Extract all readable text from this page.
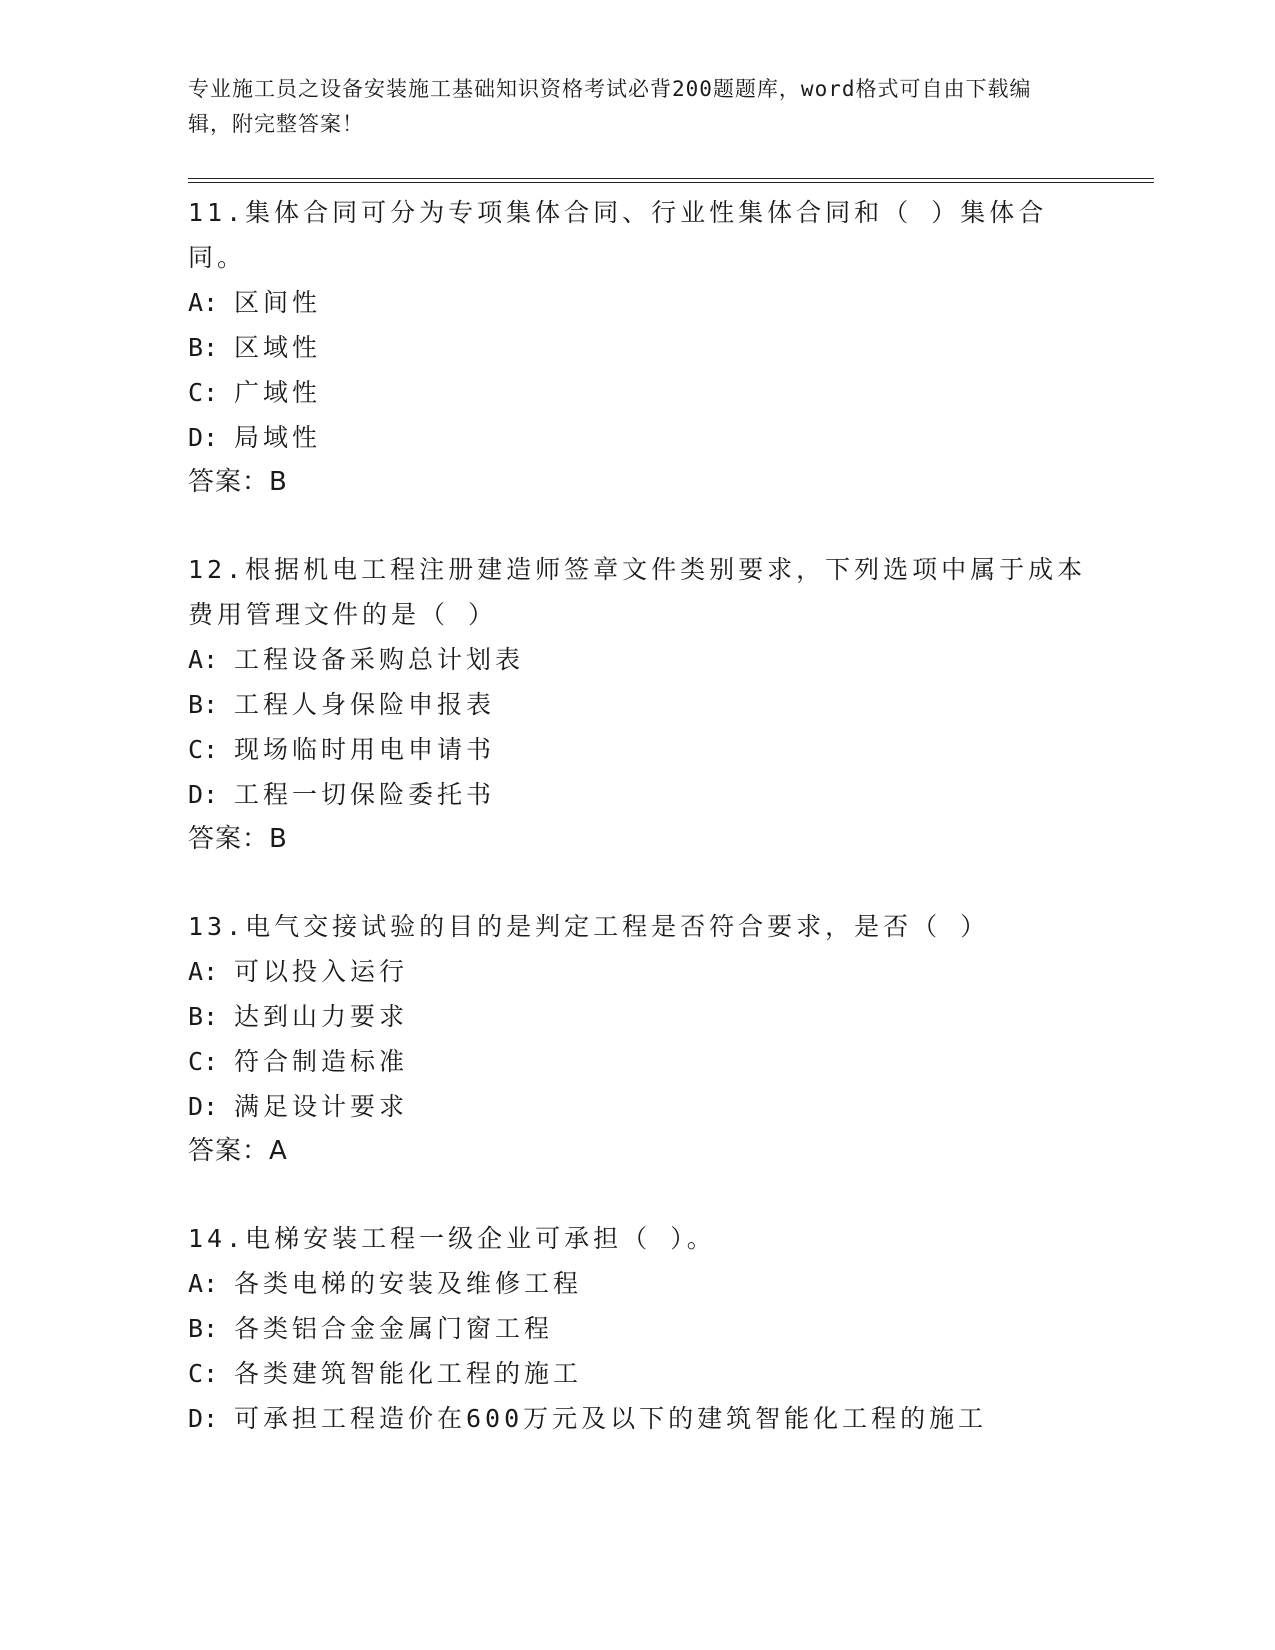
专业施工员之设备安装施工基础知识资格考试必背200题题库，word格式可自由下载编辑，附完整答案！

11.集体合同可分为专项集体合同、行业性集体合同和（ ）集体合同。

A: 区间性

B: 区域性

C: 广域性

D: 局域性

答案：B

12.根据机电工程注册建造师签章文件类别要求，下列选项中属于成本费用管理文件的是（ ）

A: 工程设备采购总计划表

B: 工程人身保险申报表

C: 现场临时用电申请书

D: 工程一切保险委托书

答案：B

13.电气交接试验的目的是判定工程是否符合要求，是否（ ）

A: 可以投入运行

B: 达到山力要求

C: 符合制造标准

D: 满足设计要求

答案：A

14.电梯安装工程一级企业可承担（ ）。

A: 各类电梯的安装及维修工程

B: 各类铝合金金属门窗工程

C: 各类建筑智能化工程的施工

D: 可承担工程造价在600万元及以下的建筑智能化工程的施工
